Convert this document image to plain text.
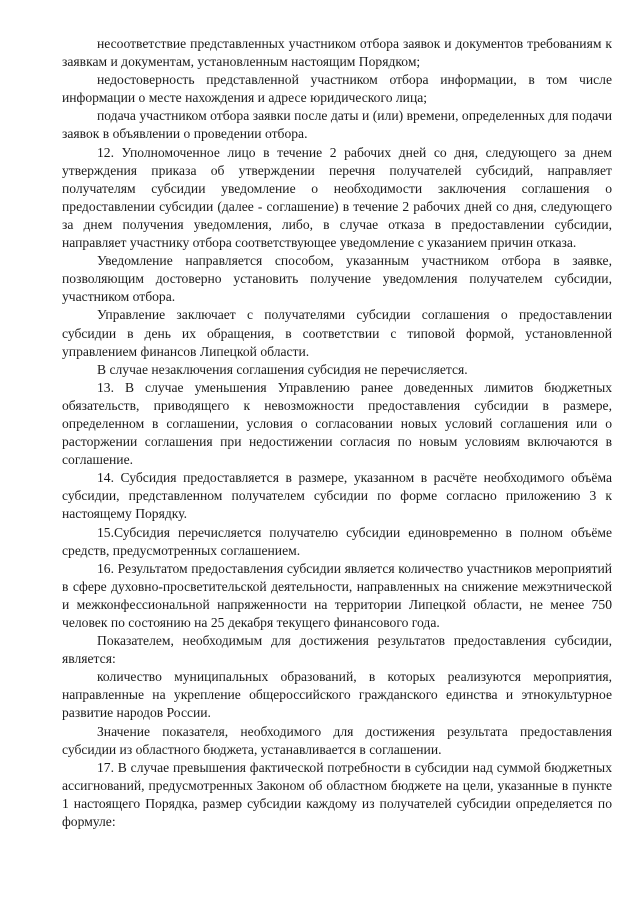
несоответствие представленных участником отбора заявок и документов требованиям к заявкам и документам, установленным настоящим Порядком;

недостоверность представленной участником отбора информации, в том числе информации о месте нахождения и адресе юридического лица;

подача участником отбора заявки после даты и (или) времени, определенных для подачи заявок в объявлении о проведении отбора.

12. Уполномоченное лицо в течение 2 рабочих дней со дня, следующего за днем утверждения приказа об утверждении перечня получателей субсидий, направляет получателям субсидии уведомление о необходимости заключения соглашения о предоставлении субсидии (далее - соглашение) в течение 2 рабочих дней со дня, следующего за днем получения уведомления, либо, в случае отказа в предоставлении субсидии, направляет участнику отбора соответствующее уведомление с указанием причин отказа.

Уведомление направляется способом, указанным участником отбора в заявке, позволяющим достоверно установить получение уведомления получателем субсидии, участником отбора.

Управление заключает с получателями субсидии соглашения о предоставлении субсидии в день их обращения, в соответствии с типовой формой, установленной управлением финансов Липецкой области.

В случае незаключения соглашения субсидия не перечисляется.

13. В случае уменьшения Управлению ранее доведенных лимитов бюджетных обязательств, приводящего к невозможности предоставления субсидии в размере, определенном в соглашении, условия о согласовании новых условий соглашения или о расторжении соглашения при недостижении согласия по новым условиям включаются в соглашение.

14. Субсидия предоставляется в размере, указанном в расчёте необходимого объёма субсидии, представленном получателем субсидии по форме согласно приложению 3 к настоящему Порядку.

15.Субсидия перечисляется получателю субсидии единовременно в полном объёме средств, предусмотренных соглашением.

16. Результатом предоставления субсидии является количество участников мероприятий в сфере духовно-просветительской деятельности, направленных на снижение межэтнической и межконфессиональной напряженности на территории Липецкой области, не менее 750 человек по состоянию на 25 декабря текущего финансового года.

Показателем, необходимым для достижения результатов предоставления субсидии, является:

количество муниципальных образований, в которых реализуются мероприятия, направленные на укрепление общероссийского гражданского единства и этнокультурное развитие народов России.

Значение показателя, необходимого для достижения результата предоставления субсидии из областного бюджета, устанавливается в соглашении.

17. В случае превышения фактической потребности в субсидии над суммой бюджетных ассигнований, предусмотренных Законом об областном бюджете на цели, указанные в пункте 1 настоящего Порядка, размер субсидии каждому из получателей субсидии определяется по формуле:
